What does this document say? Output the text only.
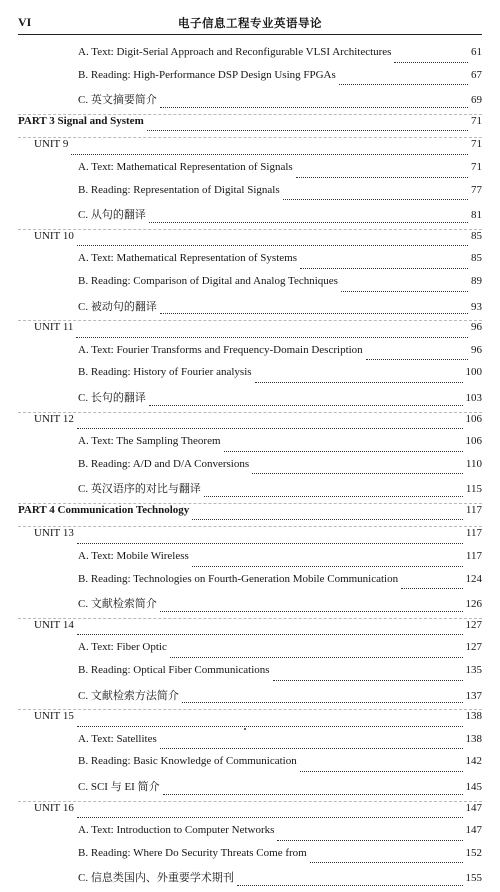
VI	电子信息工程专业英语导论
A. Text: Digit-Serial Approach and Reconfigurable VLSI Architectures	61
B. Reading: High-Performance DSP Design Using FPGAs	67
C. 英文摘要简介	69
PART 3 Signal and System	71
UNIT 9	71
A. Text: Mathematical Representation of Signals	71
B. Reading: Representation of Digital Signals	77
C. 从句的翻译	81
UNIT 10	85
A. Text: Mathematical Representation of Systems	85
B. Reading: Comparison of Digital and Analog Techniques	89
C. 被动句的翻译	93
UNIT 11	96
A. Text: Fourier Transforms and Frequency-Domain Description	96
B. Reading: History of Fourier analysis	100
C. 长句的翻译	103
UNIT 12	106
A. Text: The Sampling Theorem	106
B. Reading: A/D and D/A Conversions	110
C. 英汉语序的对比与翻译	115
PART 4 Communication Technology	117
UNIT 13	117
A. Text: Mobile Wireless	117
B. Reading: Technologies on Fourth-Generation Mobile Communication	124
C. 文献检索简介	126
UNIT 14	127
A. Text: Fiber Optic	127
B. Reading: Optical Fiber Communications	135
C. 文献检索方法简介	137
UNIT 15	138
A. Text: Satellites	138
B. Reading: Basic Knowledge of Communication	142
C. SCI 与 EI 简介	145
UNIT 16	147
A. Text: Introduction to Computer Networks	147
B. Reading: Where Do Security Threats Come from	152
C. 信息类国内、外重要学术期刊	155
